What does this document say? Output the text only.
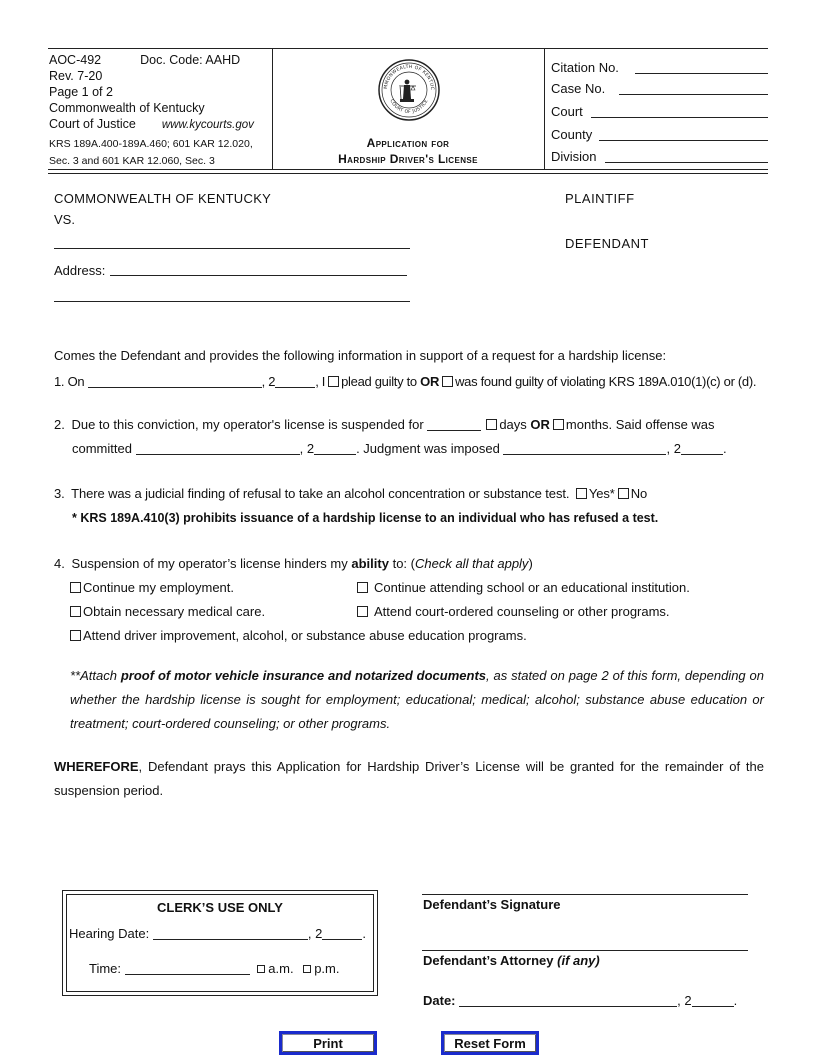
AOC-492	Doc. Code: AAHD
Rev. 7-20
Page 1 of 2
Commonwealth of Kentucky
Court of Justice www.kycourts.gov
KRS 189A.400-189A.460; 601 KAR 12.020,
Sec. 3 and 601 KAR 12.060, Sec. 3
MMONWEALTH OF KENTUC
COURT OF JUSTICE
Application for
Hardship Driver's License
Citation No.
Case No.
Court
County
Division
COMMONWEALTH OF KENTUCKY	PLAINTIFF
VS.
DEFENDANT
Address:
Comes the Defendant and provides the following information in support of a request for a hardship license:
1. On	, 2	, I plead guilty to OR was found guilty of violating KRS 189A.010(1)(c) or (d).
2. Due to this conviction, my operator's license is suspended for	days OR months. Said offense was
committed	, 2	. Judgment was imposed	, 2	.
3. There was a judicial finding of refusal to take an alcohol concentration or substance test. Yes* No
* KRS 189A.410(3) prohibits issuance of a hardship license to an individual who has refused a test.
4. Suspension of my operator’s license hinders my ability to: (Check all that apply)
Continue my employment.	Continue attending school or an educational institution.
Obtain necessary medical care.	Attend court-ordered counseling or other programs.
Attend driver improvement, alcohol, or substance abuse education programs.
**Attach proof of motor vehicle insurance and notarized documents, as stated on page 2 of this form, depending on whether the hardship license is sought for employment; educational; medical; alcohol; substance abuse education or treatment; court-ordered counseling; or other programs.
WHEREFORE, Defendant prays this Application for Hardship Driver’s License will be granted for the remainder of the suspension period.
CLERK’S USE ONLY
Hearing Date:	, 2	.
Time:	a.m. p.m.
Defendant’s Signature
Defendant’s Attorney (if any)
Date:	, 2	.
Print	Reset Form
